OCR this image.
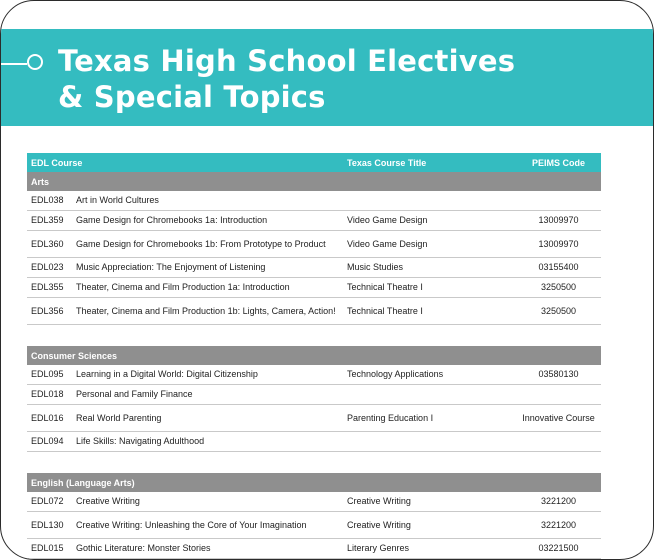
Texas High School Electives
& Special Topics
EDL Course		Texas Course Title	PEIMS Code
Arts			
EDL038	Art in World Cultures		
EDL359	Game Design for Chromebooks 1a: Introduction	Video Game Design	13009970
EDL360	Game Design for Chromebooks 1b: From Prototype to Product	Video Game Design	13009970
EDL023	Music Appreciation: The Enjoyment of Listening	Music Studies	03155400
EDL355	Theater, Cinema and Film Production 1a: Introduction	Technical Theatre I	3250500
EDL356	Theater, Cinema and Film Production 1b: Lights, Camera, Action!	Technical Theatre I	3250500

Consumer Sciences			
EDL095	Learning in a Digital World: Digital Citizenship	Technology Applications	03580130
EDL018	Personal and Family Finance		
EDL016	Real World Parenting	Parenting Education I	Innovative Course
EDL094	Life Skills: Navigating Adulthood		

English (Language Arts)			
EDL072	Creative Writing	Creative Writing	3221200
EDL130	Creative Writing: Unleashing the Core of Your Imagination	Creative Writing	3221200
EDL015	Gothic Literature: Monster Stories	Literary Genres	03221500
